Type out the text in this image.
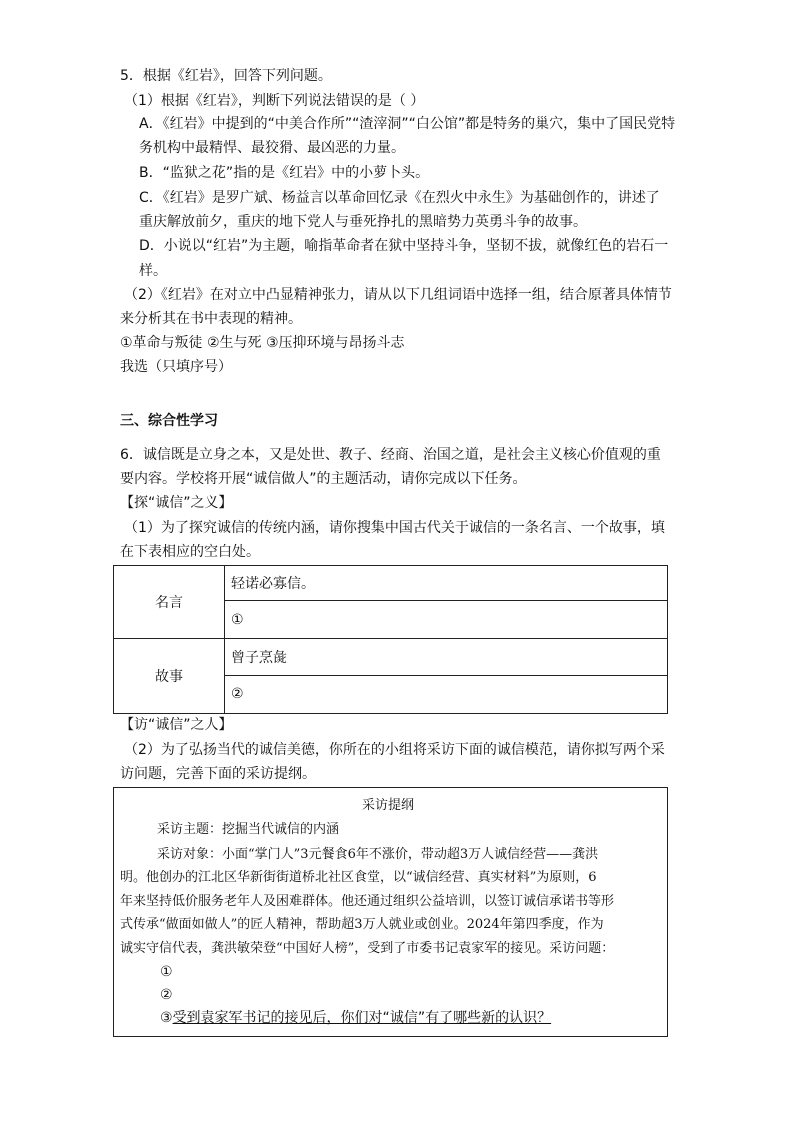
5．根据《红岩》，回答下列问题。
（1）根据《红岩》，判断下列说法错误的是（ ）
A．《红岩》中提到的“中美合作所”“渣滓洞”“白公馆”都是特务的巢穴，集中了国民党特
务机构中最精悍、最狡猾、最凶恶的力量。
B．“监狱之花”指的是《红岩》中的小萝卜头。
C．《红岩》是罗广斌、杨益言以革命回忆录《在烈火中永生》为基础创作的，讲述了
重庆解放前夕，重庆的地下党人与垂死挣扎的黑暗势力英勇斗争的故事。
D．小说以“红岩”为主题，喻指革命者在狱中坚持斗争，坚韧不拔，就像红色的岩石一
样。
（2）《红岩》在对立中凸显精神张力，请从以下几组词语中选择一组，结合原著具体情节
来分析其在书中表现的精神。
①革命与叛徒 ②生与死 ③压抑环境与昂扬斗志
我选（只填序号）
三、综合性学习
6．诚信既是立身之本，又是处世、教子、经商、治国之道，是社会主义核心价值观的重
要内容。学校将开展“诚信做人”的主题活动，请你完成以下任务。
【探“诚信”之义】
（1）为了探究诚信的传统内涵，请你搜集中国古代关于诚信的一条名言、一个故事，填
在下表相应的空白处。
名言	轻诺必寡信。
	①
故事	曾子烹彘
	②
【访“诚信”之人】
（2）为了弘扬当代的诚信美德，你所在的小组将采访下面的诚信模范，请你拟写两个采
访问题，完善下面的采访提纲。
采访提纲
采访主题：挖掘当代诚信的内涵
采访对象：小面“掌门人”3元餐食6年不涨价，带动超3万人诚信经营——龚洪
明。他创办的江北区华新街街道桥北社区食堂，以“诚信经营、真实材料”为原则，6
年来坚持低价服务老年人及困难群体。他还通过组织公益培训，以签订诚信承诺书等形
式传承“做面如做人”的匠人精神，帮助超3万人就业或创业。2024年第四季度，作为
诚实守信代表，龚洪敏荣登“中国好人榜”，受到了市委书记袁家军的接见。采访问题：
①
②
③受到袁家军书记的接见后，你们对“诚信”有了哪些新的认识？
